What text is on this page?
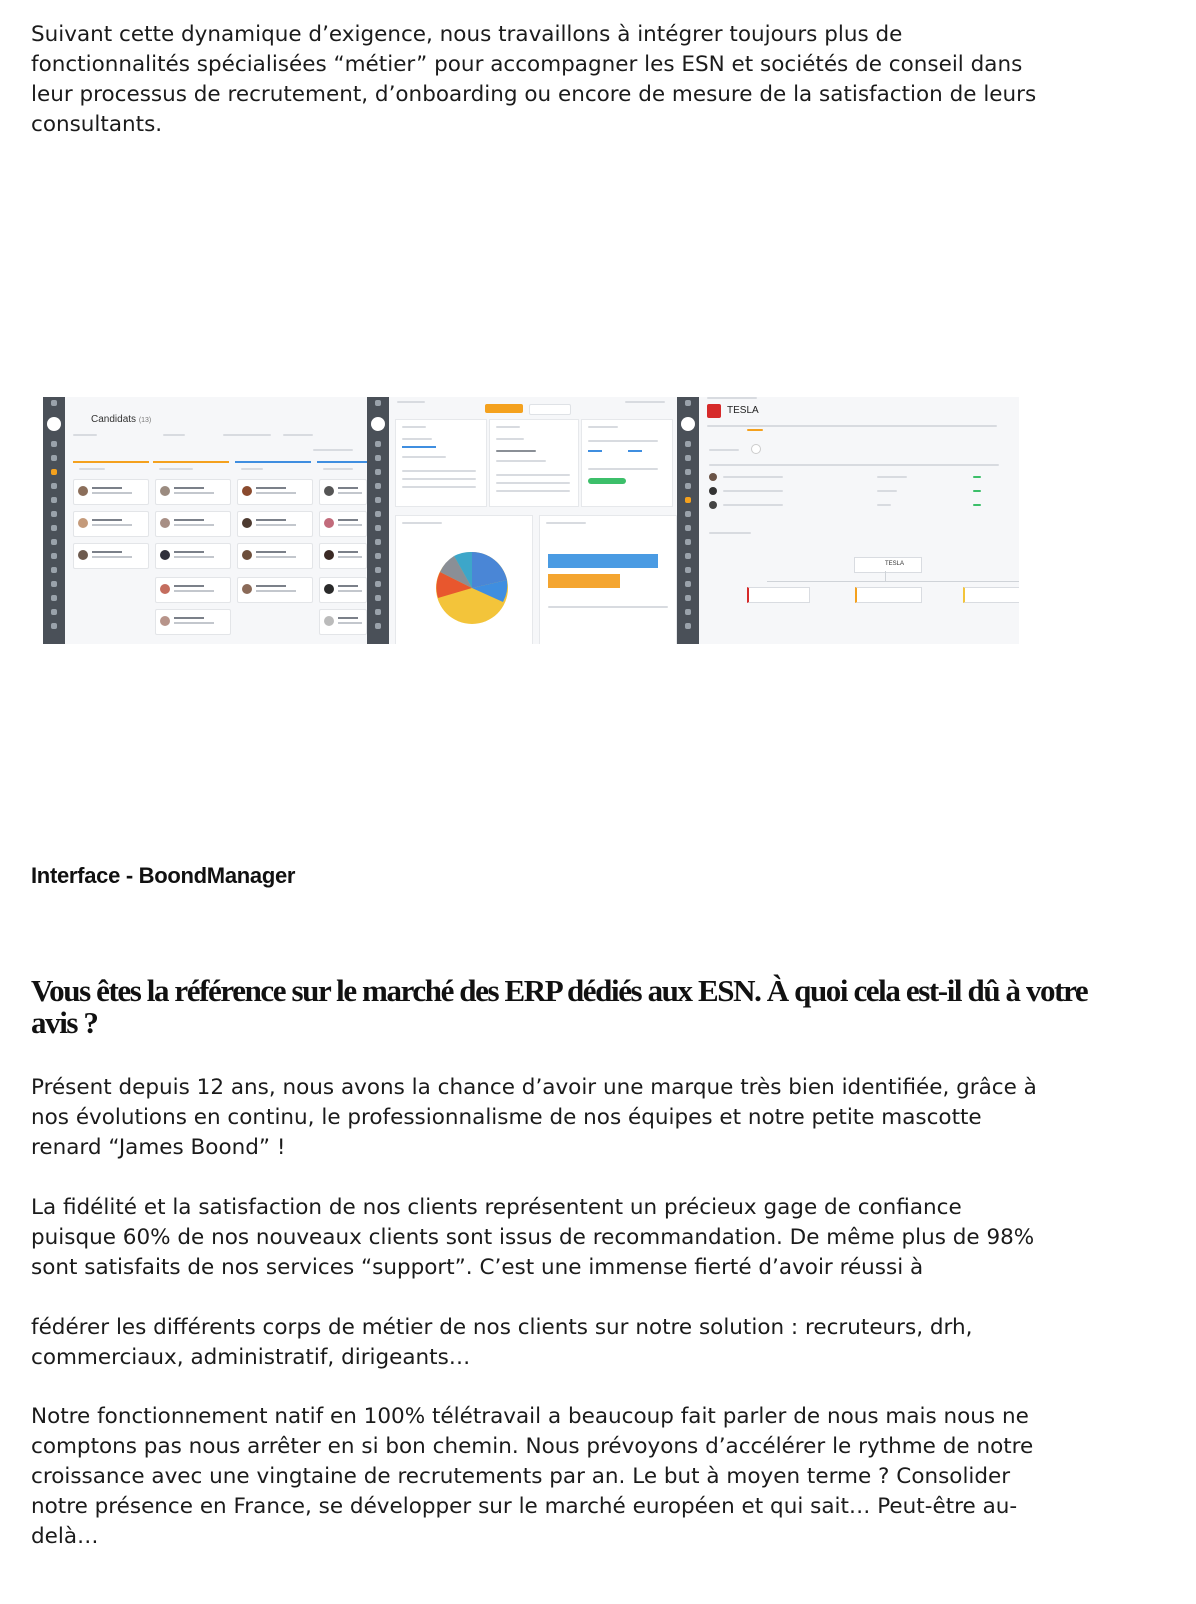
Suivant cette dynamique d’exigence, nous travaillons à intégrer toujours plus de fonctionnalités spécialisées “métier” pour accompagner les ESN et sociétés de conseil dans leur processus de recrutement, d’onboarding ou encore de mesure de la satisfaction de leurs consultants.

Candidats (13)
TESLA
TESLA

Interface - BoondManager

Vous êtes la référence sur le marché des ERP dédiés aux ESN. À quoi cela est-il dû à votre avis ?

Présent depuis 12 ans, nous avons la chance d’avoir une marque très bien identifiée, grâce à nos évolutions en continu, le professionnalisme de nos équipes et notre petite mascotte renard “James Boond” !

La fidélité et la satisfaction de nos clients représentent un précieux gage de confiance puisque 60% de nos nouveaux clients sont issus de recommandation. De même plus de 98% sont satisfaits de nos services “support”. C’est une immense fierté d’avoir réussi à

fédérer les différents corps de métier de nos clients sur notre solution : recruteurs, drh, commerciaux, administratif, dirigeants…

Notre fonctionnement natif en 100% télétravail a beaucoup fait parler de nous mais nous ne comptons pas nous arrêter en si bon chemin. Nous prévoyons d’accélérer le rythme de notre croissance avec une vingtaine de recrutements par an. Le but à moyen terme ? Consolider notre présence en France, se développer sur le marché européen et qui sait… Peut-être au-delà…
